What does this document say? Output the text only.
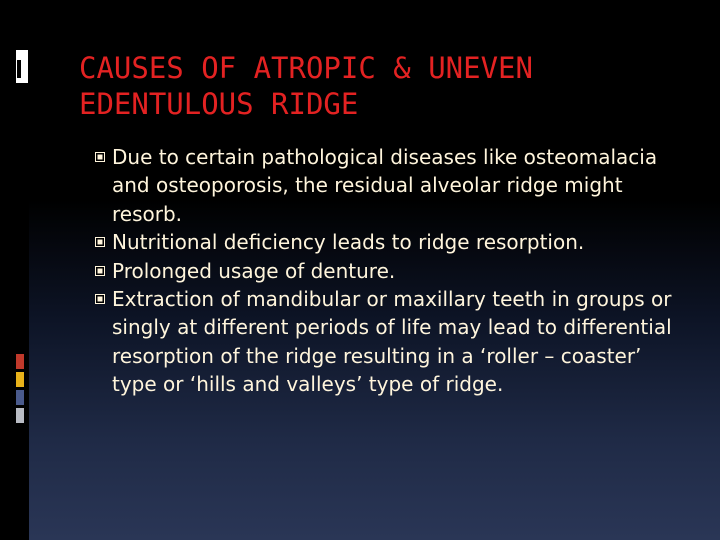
CAUSES OF ATROPIC & UNEVEN
EDENTULOUS RIDGE
Due to certain pathological diseases like osteomalacia and osteoporosis, the residual alveolar ridge might resorb.
Nutritional deficiency leads to ridge resorption.
Prolonged usage of denture.
Extraction of mandibular or maxillary teeth in groups or singly at different periods of life may lead to differential resorption of the ridge resulting in a ‘roller – coaster’ type or ‘hills and valleys’ type of ridge.
